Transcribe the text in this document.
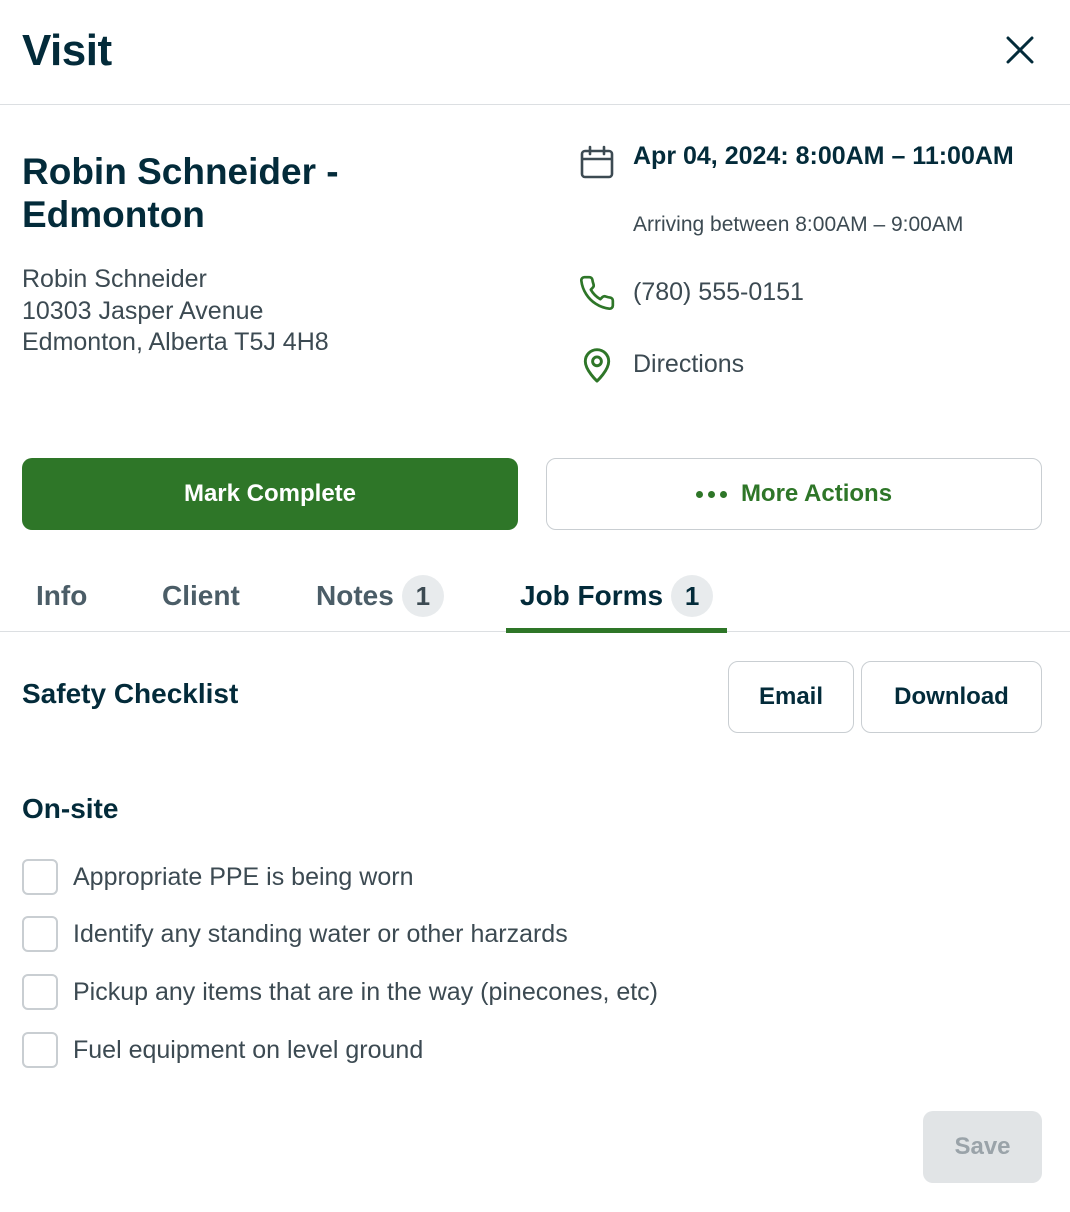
Visit
Robin Schneider - Edmonton
Robin Schneider
10303 Jasper Avenue
Edmonton, Alberta T5J 4H8
Apr 04, 2024: 8:00AM – 11:00AM
Arriving between 8:00AM – 9:00AM
(780) 555-0151
Directions
Mark Complete	More Actions
Info	Client	Notes 1	Job Forms 1
Safety Checklist	Email	Download
On-site
Appropriate PPE is being worn
Identify any standing water or other harzards
Pickup any items that are in the way (pinecones, etc)
Fuel equipment on level ground
Save
